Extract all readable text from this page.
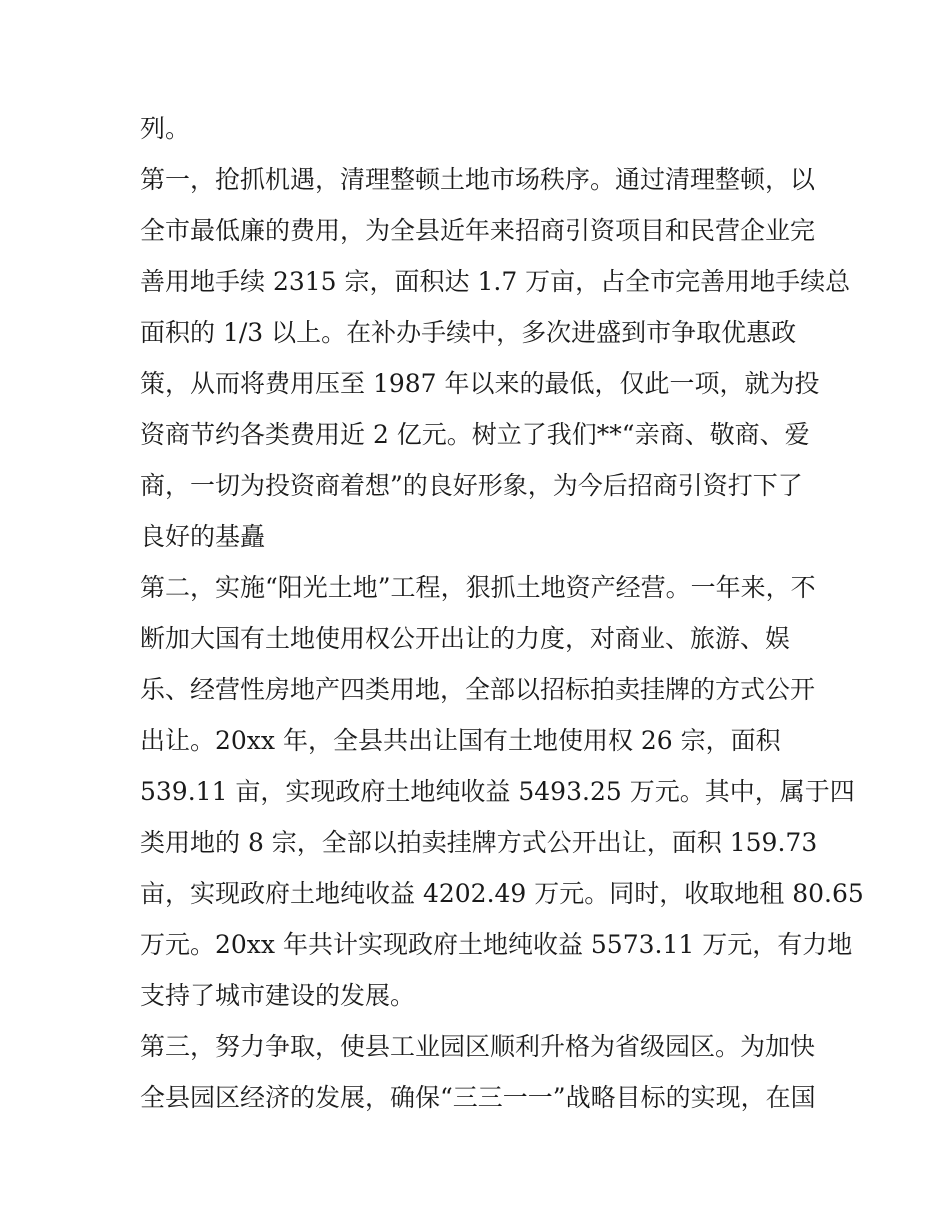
列。
第一，抢抓机遇，清理整顿土地市场秩序。通过清理整顿，以
全市最低廉的费用，为全县近年来招商引资项目和民营企业完
善用地手续 2315 宗，面积达 1.7 万亩，占全市完善用地手续总
面积的 1/3 以上。在补办手续中，多次进盛到市争取优惠政
策，从而将费用压至 1987 年以来的最低，仅此一项，就为投
资商节约各类费用近 2 亿元。树立了我们**“亲商、敬商、爱
商，一切为投资商着想”的良好形象，为今后招商引资打下了
良好的基矗
第二，实施“阳光土地”工程，狠抓土地资产经营。一年来，不
断加大国有土地使用权公开出让的力度，对商业、旅游、娱
乐、经营性房地产四类用地，全部以招标拍卖挂牌的方式公开
出让。20xx 年，全县共出让国有土地使用权 26 宗，面积
539.11 亩，实现政府土地纯收益 5493.25 万元。其中，属于四
类用地的 8 宗，全部以拍卖挂牌方式公开出让，面积 159.73
亩，实现政府土地纯收益 4202.49 万元。同时，收取地租 80.65
万元。20xx 年共计实现政府土地纯收益 5573.11 万元，有力地
支持了城市建设的发展。
第三，努力争取，使县工业园区顺利升格为省级园区。为加快
全县园区经济的发展，确保“三三一一”战略目标的实现，在国
